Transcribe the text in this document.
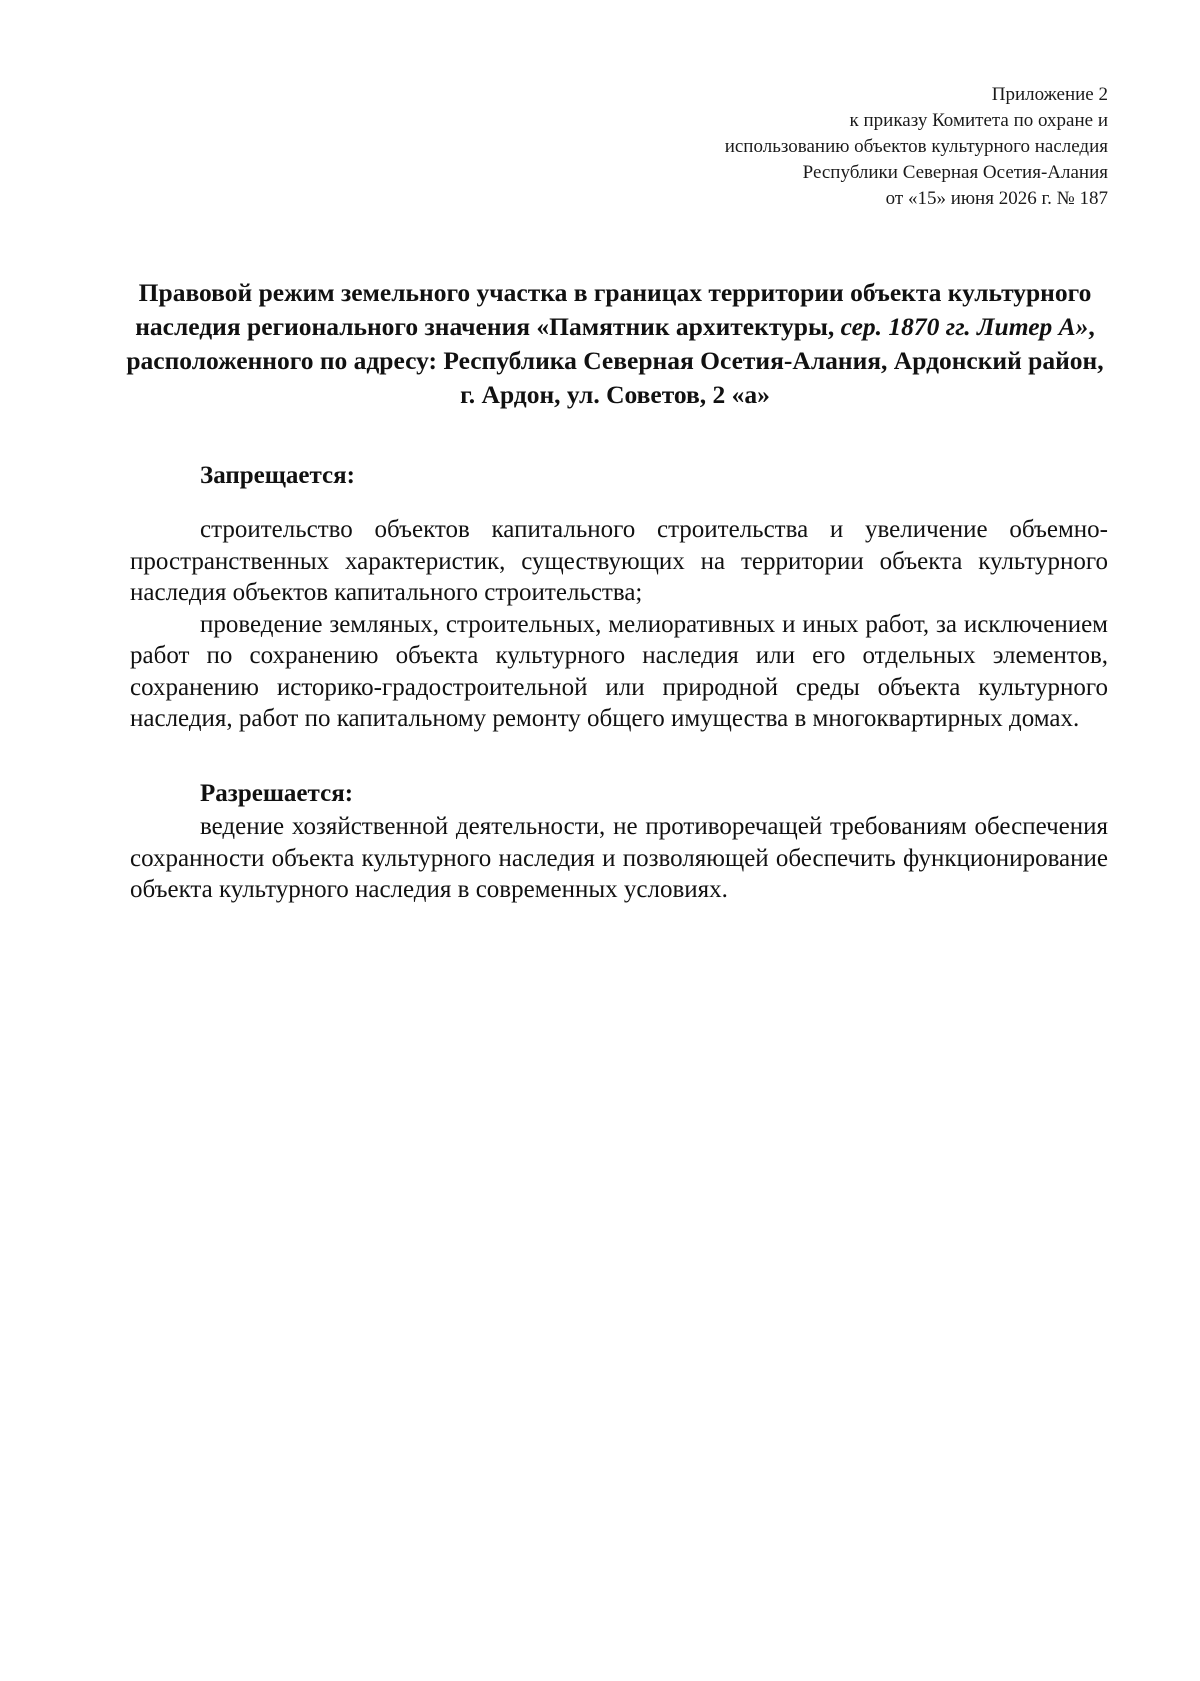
Приложение 2
к приказу Комитета по охране и
использованию объектов культурного наследия
Республики Северная Осетия-Алания
от «15» июня 2026 г. № 187
Правовой режим земельного участка в границах территории объекта культурного наследия регионального значения «Памятник архитектуры, сер. 1870 гг. Литер А», расположенного по адресу: Республика Северная Осетия-Алания, Ардонский район, г. Ардон, ул. Советов, 2 «а»
Запрещается:

строительство объектов капитального строительства и увеличение объемно-пространственных характеристик, существующих на территории объекта культурного наследия объектов капитального строительства;

проведение земляных, строительных, мелиоративных и иных работ, за исключением работ по сохранению объекта культурного наследия или его отдельных элементов, сохранению историко-градостроительной или природной среды объекта культурного наследия, работ по капитальному ремонту общего имущества в многоквартирных домах.

Разрешается:

ведение хозяйственной деятельности, не противоречащей требованиям обеспечения сохранности объекта культурного наследия и позволяющей обеспечить функционирование объекта культурного наследия в современных условиях.
